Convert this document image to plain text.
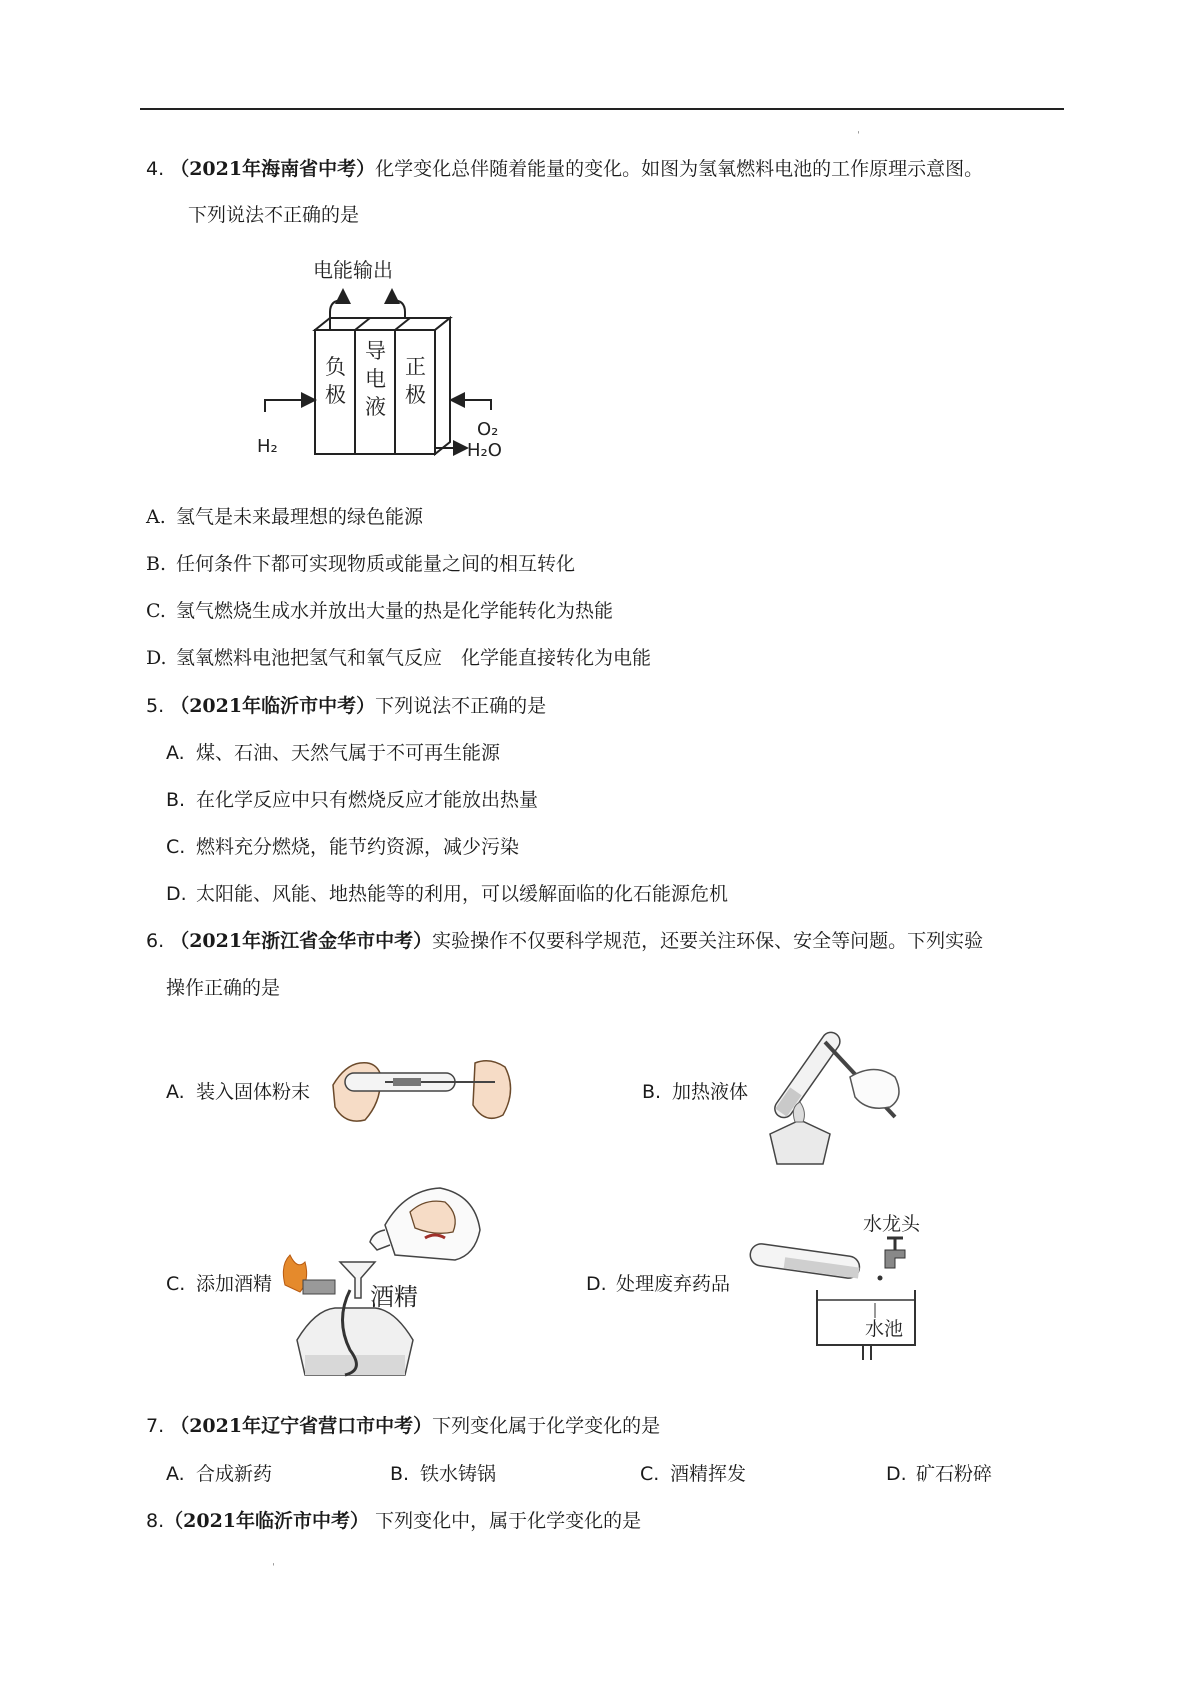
ˌ
4. （2021年海南省中考）化学变化总伴随着能量的变化。如图为氢氧燃料电池的工作原理示意图。
下列说法不正确的是
电能输出
负
极
导
电
液
正
极
H₂
O₂
H₂O
A. 氢气是未来最理想的绿色能源
B. 任何条件下都可实现物质或能量之间的相互转化
C. 氢气燃烧生成水并放出大量的热是化学能转化为热能
D. 氢氧燃料电池把氢气和氧气反应　化学能直接转化为电能
5. （2021年临沂市中考）下列说法不正确的是
A. 煤、石油、天然气属于不可再生能源
B. 在化学反应中只有燃烧反应才能放出热量
C. 燃料充分燃烧，能节约资源，减少污染
D. 太阳能、风能、地热能等的利用，可以缓解面临的化石能源危机
6. （2021年浙江省金华市中考）实验操作不仅要科学规范，还要关注环保、安全等问题。下列实验
操作正确的是
A. 装入固体粉末	B. 加热液体
C. 添加酒精	酒精	D. 处理废弃药品
水龙头
水池
7. （2021年辽宁省营口市中考）下列变化属于化学变化的是
A. 合成新药	B. 铁水铸锅	C. 酒精挥发	D. 矿石粉碎
8.（2021年临沂市中考） 下列变化中，属于化学变化的是
ˌ
